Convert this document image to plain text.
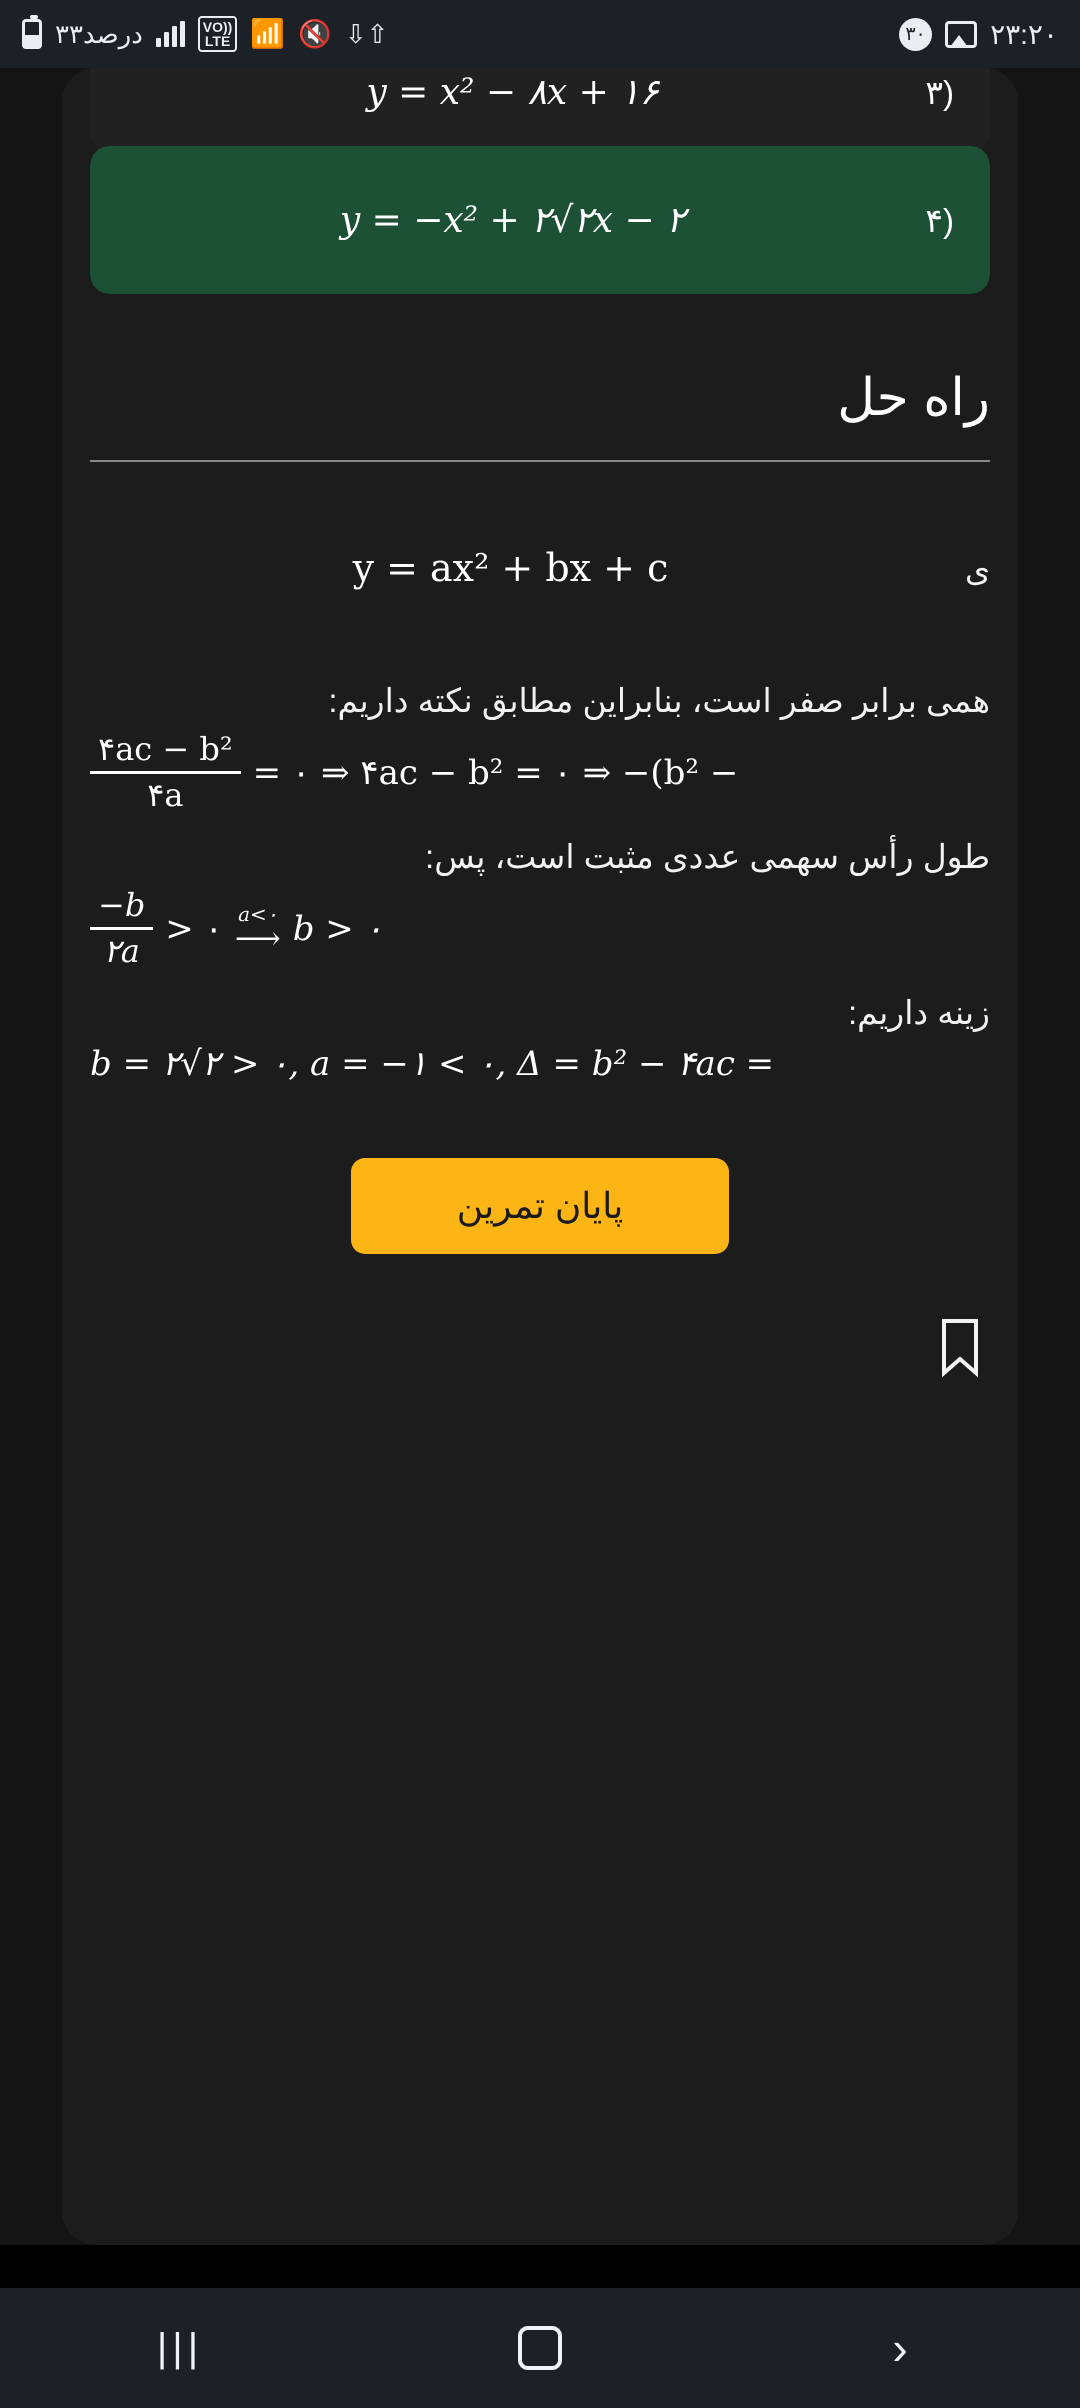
۳۳درصد	VO))
LTE 📶 🔇 ⇩⇧	۳۰ ۲۳:۲۰
(۳
y = x² − ۸x + ۱۶
(۴
y = −x² + ۲√۲x − ۲
راه حل
ی
y = ax² + bx + c
همی برابر صفر است، بنابراین مطابق نکته داریم:
$\frac{\text{۴ac − b²}}{۴a}$ = ۰ ⇒ ۴ac − b² = ۰ ⇒ −(b² −
طول رأس سهمی عددی مثبت است، پس:
$\frac{-b}{۲a}$ > ۰ a<۰
⟶ b > ۰
زینه داریم:
b = ۲√۲ > ۰, a = −۱ < ۰, Δ = b² − ۴ac =
پایان تمرین
|||	›
